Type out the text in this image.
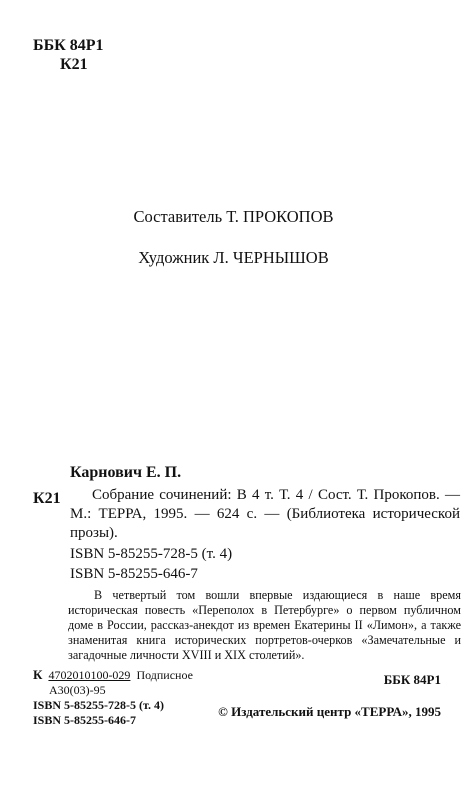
ББК 84Р1
К21
Составитель Т. ПРОКОПОВ
Художник Л. ЧЕРНЫШОВ
К21
Карнович Е. П.
Собрание сочинений: В 4 т. Т. 4 / Сост. Т. Прокопов. — М.: ТЕРРА, 1995. — 624 с. — (Библиотека исторической прозы).
ISBN 5-85255-728-5 (т. 4)
ISBN 5-85255-646-7
В четвертый том вошли впервые издающиеся в наше время историческая повесть «Переполох в Петербурге» о первом публичном доме в России, рассказ-анекдот из времен Екатерины II «Лимон», а также знаменитая книга исторических портретов-очерков «Замечательные и загадочные личности XVIII и XIX столетий».
К 4702010100-029 Подписное
А30(03)-95
ISBN 5-85255-728-5 (т. 4)
ISBN 5-85255-646-7
ББК 84Р1
© Издательский центр «ТЕРРА», 1995
